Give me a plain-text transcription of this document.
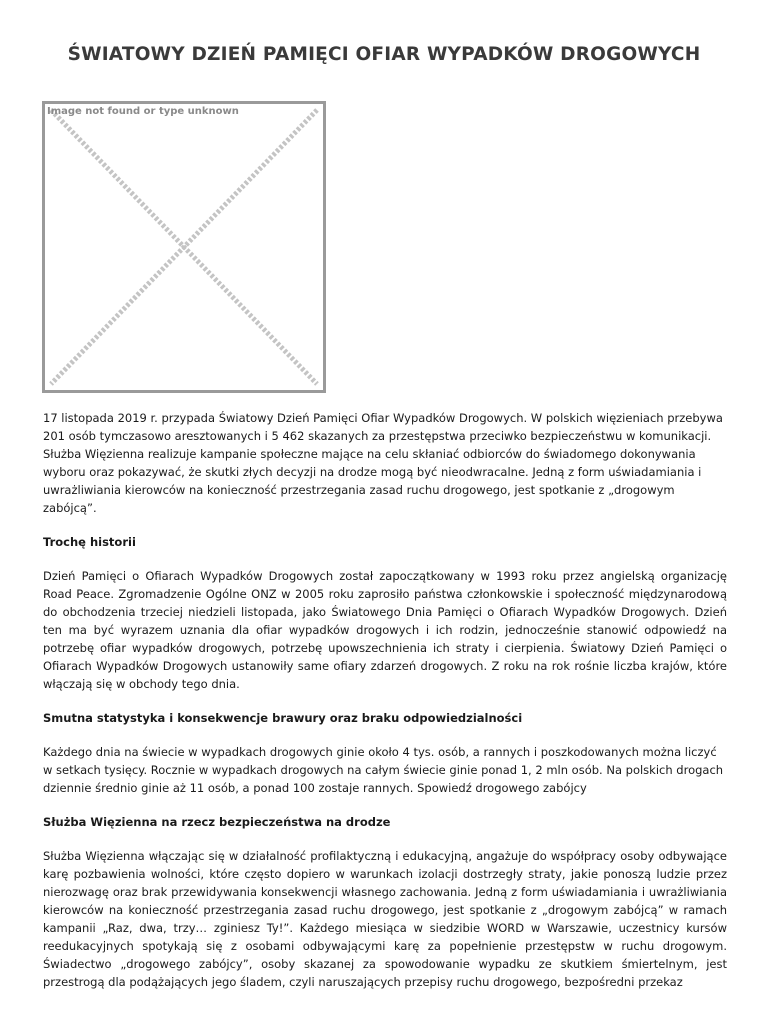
ŚWIATOWY DZIEŃ PAMIĘCI OFIAR WYPADKÓW DROGOWYCH
Image not found or type unknown

17 listopada 2019 r. przypada Światowy Dzień Pamięci Ofiar Wypadków Drogowych. W polskich więzieniach przebywa 201 osób tymczasowo aresztowanych i 5 462 skazanych za przestępstwa przeciwko bezpieczeństwu w komunikacji. Służba Więzienna realizuje kampanie społeczne mające na celu skłaniać odbiorców do świadomego dokonywania wyboru oraz pokazywać, że skutki złych decyzji na drodze mogą być nieodwracalne. Jedną z form uświadamiania i uwrażliwiania kierowców na konieczność przestrzegania zasad ruchu drogowego, jest spotkanie z „drogowym zabójcą”.

Trochę historii

Dzień Pamięci o Ofiarach Wypadków Drogowych został zapoczątkowany w 1993 roku przez angielską organizację Road Peace. Zgromadzenie Ogólne ONZ w 2005 roku zaprosiło państwa członkowskie i społeczność międzynarodową do obchodzenia trzeciej niedzieli listopada, jako Światowego Dnia Pamięci o Ofiarach Wypadków Drogowych. Dzień ten ma być wyrazem uznania dla ofiar wypadków drogowych i ich rodzin, jednocześnie stanowić odpowiedź na potrzebę ofiar wypadków drogowych, potrzebę upowszechnienia ich straty i cierpienia. Światowy Dzień Pamięci o Ofiarach Wypadków Drogowych ustanowiły same ofiary zdarzeń drogowych. Z roku na rok rośnie liczba krajów, które włączają się w obchody tego dnia.

Smutna statystyka i konsekwencje brawury oraz braku odpowiedzialności

Każdego dnia na świecie w wypadkach drogowych ginie około 4 tys. osób, a rannych i poszkodowanych można liczyć w setkach tysięcy. Rocznie w wypadkach drogowych na całym świecie ginie ponad 1, 2 mln osób. Na polskich drogach dziennie średnio ginie aż 11 osób, a ponad 100 zostaje rannych. Spowiedź drogowego zabójcy

Służba Więzienna na rzecz bezpieczeństwa na drodze

Służba Więzienna włączając się w działalność profilaktyczną i edukacyjną, angażuje do współpracy osoby odbywające karę pozbawienia wolności, które często dopiero w warunkach izolacji dostrzegły straty, jakie ponoszą ludzie przez nierozwagę oraz brak przewidywania konsekwencji własnego zachowania. Jedną z form uświadamiania i uwrażliwiania kierowców na konieczność przestrzegania zasad ruchu drogowego, jest spotkanie z „drogowym zabójcą” w ramach kampanii „Raz, dwa, trzy… zginiesz Ty!”. Każdego miesiąca w siedzibie WORD w Warszawie, uczestnicy kursów reedukacyjnych spotykają się z osobami odbywającymi karę za popełnienie przestępstw w ruchu drogowym. Świadectwo „drogowego zabójcy”, osoby skazanej za spowodowanie wypadku ze skutkiem śmiertelnym, jest przestrogą dla podążających jego śladem, czyli naruszających przepisy ruchu drogowego, bezpośredni przekaz
